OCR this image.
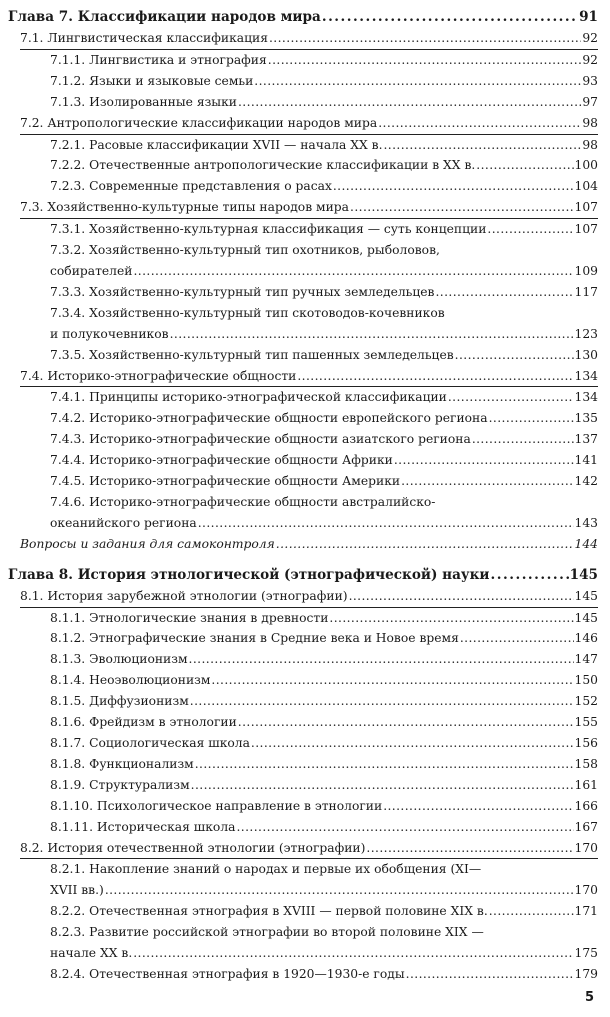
Глава 7. Классификации народов мира .....	91
7.1. Лингвистическая классификация .....	92
7.1.1. Лингвистика и этнография .....	92
7.1.2. Языки и языковые семьи .....	93
7.1.3. Изолированные языки .....	97
7.2. Антропологические классификации народов мира .....	98
7.2.1. Расовые классификации XVII — начала XX в. .....	98
7.2.2. Отечественные антропологические классификации в XX в. .....	100
7.2.3. Современные представления о расах .....	104
7.3. Хозяйственно-культурные типы народов мира .....	107
7.3.1. Хозяйственно-культурная классификация — суть концепции .....	107
7.3.2. Хозяйственно-культурный тип охотников, рыболовов,
собирателей .....	109
7.3.3. Хозяйственно-культурный тип ручных земледельцев .....	117
7.3.4. Хозяйственно-культурный тип скотоводов-кочевников
и полукочевников .....	123
7.3.5. Хозяйственно-культурный тип пашенных земледельцев .....	130
7.4. Историко-этнографические общности .....	134
7.4.1. Принципы историко-этнографической классификации .....	134
7.4.2. Историко-этнографические общности европейского региона .....	135
7.4.3. Историко-этнографические общности азиатского региона .....	137
7.4.4. Историко-этнографические общности Африки .....	141
7.4.5. Историко-этнографические общности Америки .....	142
7.4.6. Историко-этнографические общности австралийско-
океанийского региона .....	143
Вопросы и задания для самоконтроля .....	144
Глава 8. История этнологической (этнографической) науки .....	145
8.1. История зарубежной этнологии (этнографии) .....	145
8.1.1. Этнологические знания в древности .....	145
8.1.2. Этнографические знания в Средние века и Новое время .....	146
8.1.3. Эволюционизм .....	147
8.1.4. Неоэволюционизм .....	150
8.1.5. Диффузионизм .....	152
8.1.6. Фрейдизм в этнологии .....	155
8.1.7. Социологическая школа .....	156
8.1.8. Функционализм .....	158
8.1.9. Структурализм .....	161
8.1.10. Психологическое направление в этнологии .....	166
8.1.11. Историческая школа .....	167
8.2. История отечественной этнологии (этнографии) .....	170
8.2.1. Накопление знаний о народах и первые их обобщения (XI—
XVII вв.) .....	170
8.2.2. Отечественная этнография в XVIII — первой половине XIX в. .....	171
8.2.3. Развитие российской этнографии во второй половине XIX —
начале XX в. .....	175
8.2.4. Отечественная этнография в 1920—1930-е годы .....	179
5
